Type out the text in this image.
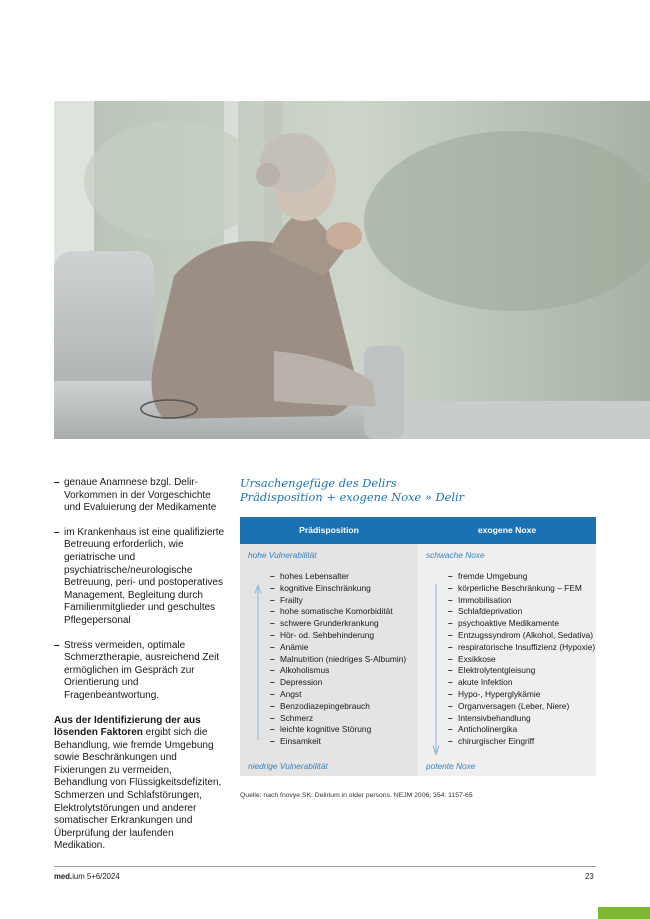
– genaue Anamnese bzgl. Delir-Vorkommen in der Vorgeschichte und Evaluierung der Medikamente
– im Krankenhaus ist eine qualifizierte Betreuung erforderlich, wie geriatrische und psychiatrische/neurologische Betreuung, peri- und postoperatives Management, Begleitung durch Familienmitglieder und geschultes Pflegepersonal
– Stress vermeiden, optimale Schmerztherapie, ausreichend Zeit ermöglichen im Gespräch zur Orientierung und Fragenbeantwortung.

Aus der Identifizierung der aus lösenden Faktoren ergibt sich die Behandlung, wie fremde Umgebung sowie Beschränkungen und Fixierungen zu vermeiden, Behandlung von Flüssigkeitsdefiziten, Schmerzen und Schlafstörungen, Elektrolytstörungen und anderer somatischer Erkrankungen und Überprüfung der laufenden Medikation.

Ursachengefüge des Delirs
Prädisposition + exogene Noxe » Delir
Prädisposition	exogene Noxe
hohe Vulnerabilität
– hohes Lebensalter
– kognitive Einschränkung
– Frailty
– hohe somatische Komorbidität
– schwere Grunderkrankung
– Hör- od. Sehbehinderung
– Anämie
– Malnutrition (niedriges S-Albumin)
– Alkoholismus
– Depression
– Angst
– Benzodiazepingebrauch
– Schmerz
– leichte kognitive Störung
– Einsamkeit
niedrige Vulnerabilität
schwache Noxe
– fremde Umgebung
– körperliche Beschränkung – FEM
– Immobilisation
– Schlafdeprivation
– psychoaktive Medikamente
– Entzugssyndrom (Alkohol, Sedativa)
– respiratorische Insuffizienz (Hypoxie)
– Exsikkose
– Elektrolytentgleisung
– akute Infektion
– Hypo-, Hyperglykämie
– Organversagen (Leber, Niere)
– Intensivbehandlung
– Anticholinergika
– chirurgischer Eingriff
potente Noxe
Quelle: nach fnovye SK: Delirium in older persons. NEJM 2006; 354: 1157-65
med.ium 5+6/2024	23
